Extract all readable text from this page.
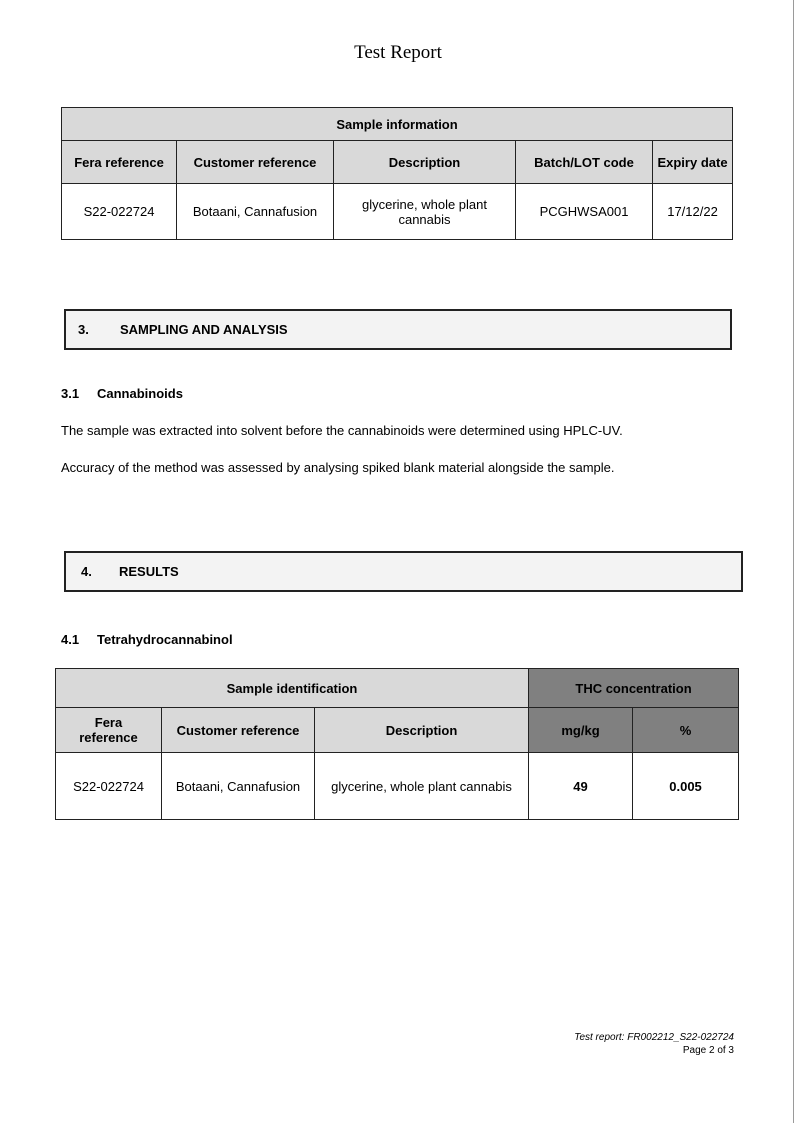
Test Report
Sample information				
Fera reference	Customer reference	Description	Batch/LOT code	Expiry date
S22-022724	Botaani, Cannafusion	glycerine, whole plant cannabis	PCGHWSA001	17/12/22
3.	SAMPLING AND ANALYSIS
3.1 Cannabinoids
The sample was extracted into solvent before the cannabinoids were determined using HPLC-UV.
Accuracy of the method was assessed by analysing spiked blank material alongside the sample.
4.	RESULTS
4.1 Tetrahydrocannabinol
Sample identification			THC concentration	
Fera reference	Customer reference	Description	mg/kg	%
S22-022724	Botaani, Cannafusion	glycerine, whole plant cannabis	49	0.005
Test report: FR002212_S22-022724
Page 2 of 3
